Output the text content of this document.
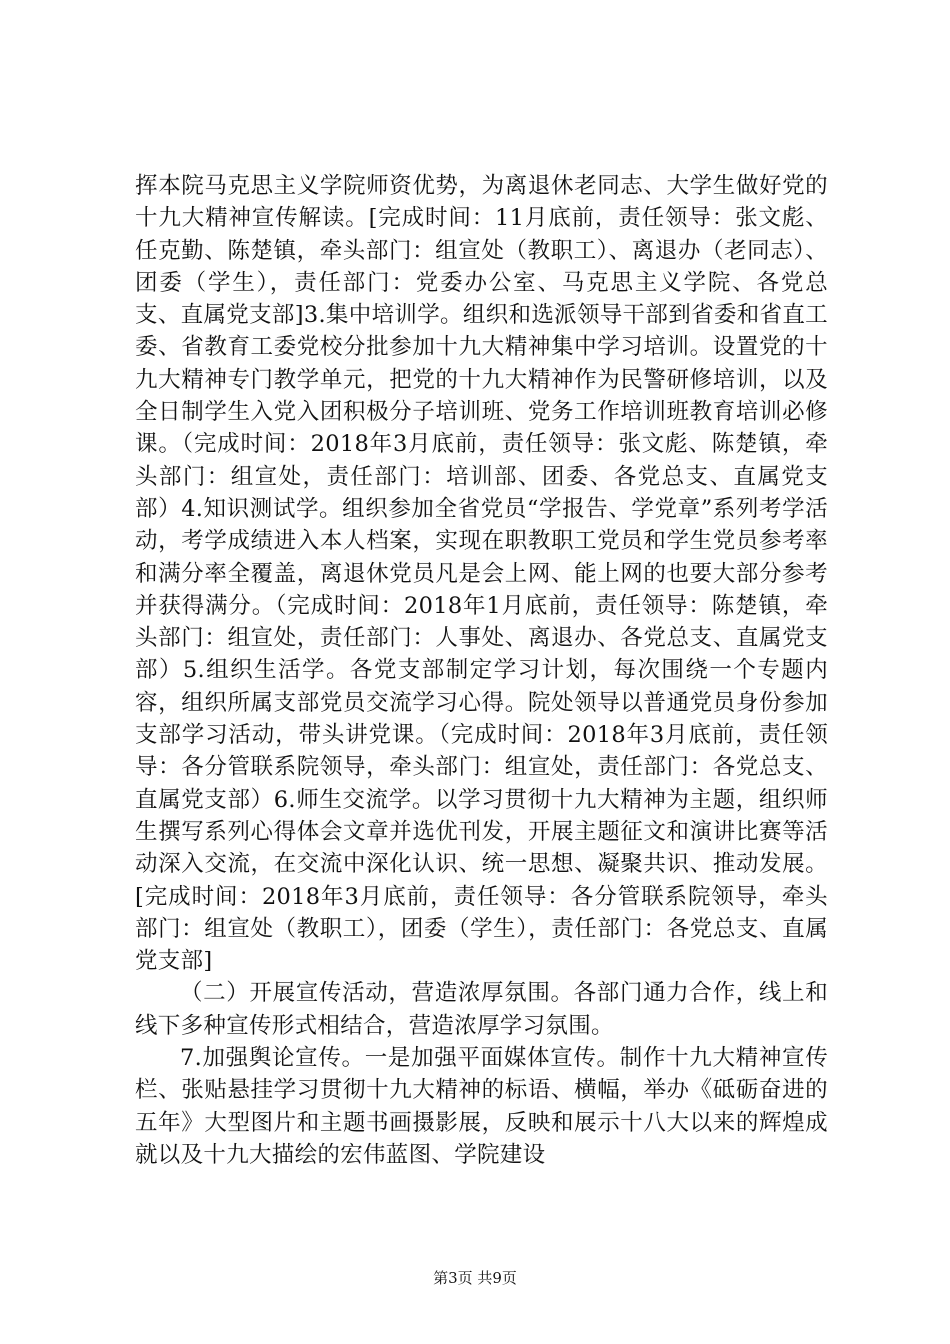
挥本院马克思主义学院师资优势，为离退休老同志、大学生做好党的十九大精神宣传解读。[完成时间：11月底前，责任领导：张文彪、任克勤、陈楚镇，牵头部门：组宣处（教职工）、离退办（老同志）、团委（学生），责任部门：党委办公室、马克思主义学院、各党总支、直属党支部]3.集中培训学。组织和选派领导干部到省委和省直工委、省教育工委党校分批参加十九大精神集中学习培训。设置党的十九大精神专门教学单元，把党的十九大精神作为民警研修培训，以及全日制学生入党入团积极分子培训班、党务工作培训班教育培训必修课。（完成时间：2018年3月底前，责任领导：张文彪、陈楚镇，牵头部门：组宣处，责任部门：培训部、团委、各党总支、直属党支部）4.知识测试学。组织参加全省党员“学报告、学党章”系列考学活动，考学成绩进入本人档案，实现在职教职工党员和学生党员参考率和满分率全覆盖，离退休党员凡是会上网、能上网的也要大部分参考并获得满分。（完成时间：2018年1月底前，责任领导：陈楚镇，牵头部门：组宣处，责任部门：人事处、离退办、各党总支、直属党支部）5.组织生活学。各党支部制定学习计划，每次围绕一个专题内容，组织所属支部党员交流学习心得。院处领导以普通党员身份参加支部学习活动，带头讲党课。（完成时间：2018年3月底前，责任领导：各分管联系院领导，牵头部门：组宣处，责任部门：各党总支、直属党支部）6.师生交流学。以学习贯彻十九大精神为主题，组织师生撰写系列心得体会文章并选优刊发，开展主题征文和演讲比赛等活动深入交流，在交流中深化认识、统一思想、凝聚共识、推动发展。[完成时间：2018年3月底前，责任领导：各分管联系院领导，牵头部门：组宣处（教职工），团委（学生），责任部门：各党总支、直属党支部]

（二）开展宣传活动，营造浓厚氛围。各部门通力合作，线上和线下多种宣传形式相结合，营造浓厚学习氛围。

7.加强舆论宣传。一是加强平面媒体宣传。制作十九大精神宣传栏、张贴悬挂学习贯彻十九大精神的标语、横幅，举办《砥砺奋进的五年》大型图片和主题书画摄影展，反映和展示十八大以来的辉煌成就以及十九大描绘的宏伟蓝图、学院建设

第3页 共9页
